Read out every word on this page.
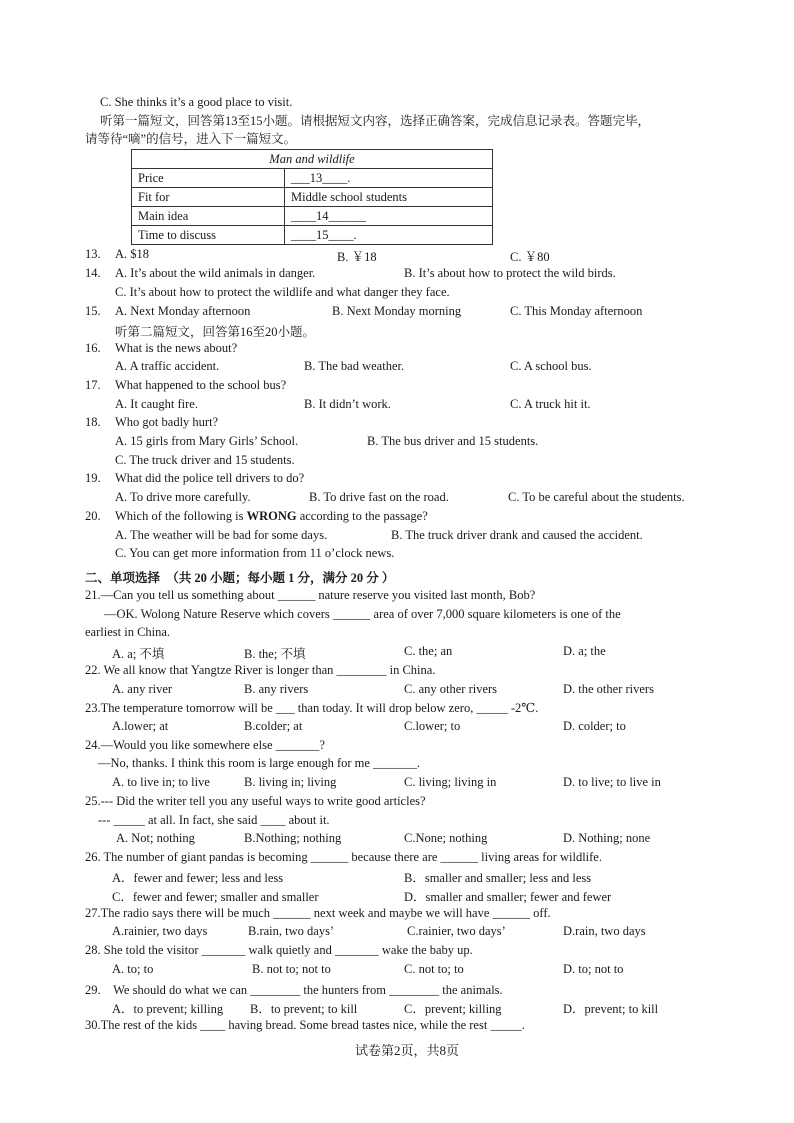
C. She thinks it’s a good place to visit.
听第一篇短文，回答第13至15小题。请根据短文内容，选择正确答案，完成信息记录表。答题完毕，
请等待“嘀”的信号，进入下一篇短文。
Man and wildlife	
Price	___13____.
Fit for	Middle school students
Main idea	____14______
Time to discuss	____15____.
13. A. $18	B. ￥18	C. ￥80
14. A. It’s about the wild animals in danger.	B. It’s about how to protect the wild birds.
C. It’s about how to protect the wildlife and what danger they face.
15. A. Next Monday afternoon	B. Next Monday morning	C. This Monday afternoon
听第二篇短文，回答第16至20小题。
16. What is the news about?
A. A traffic accident.	B. The bad weather.	C. A school bus.
17. What happened to the school bus?
A. It caught fire.	B. It didn’t work.	C. A truck hit it.
18. Who got badly hurt?
A. 15 girls from Mary Girls’ School.	B. The bus driver and 15 students.
C. The truck driver and 15 students.
19. What did the police tell drivers to do?
A. To drive more carefully.	B. To drive fast on the road.	C. To be careful about the students.
20. Which of the following is WRONG according to the passage?
A. The weather will be bad for some days.	B. The truck driver drank and caused the accident.
C. You can get more information from 11 o’clock news.
二、单项选择　（共 20 小题；每小题 1 分，满分 20 分 ）
21.—Can you tell us something about ______ nature reserve you visited last month, Bob?
—OK. Wolong Nature Reserve which covers ______ area of over 7,000 square kilometers is one of the
earliest in China.
A. a; 不填	B. the; 不填	C. the; an	D. a; the
22. We all know that Yangtze River is longer than ________ in China.
A. any river	B. any rivers	C. any other rivers	D. the other rivers
23.The temperature tomorrow will be ___ than today. It will drop below zero, _____ -2℃.
A.lower; at	B.colder; at	C.lower; to	D. colder; to
24.—Would you like somewhere else _______?
—No, thanks. I think this room is large enough for me _______.
A. to live in; to live	B. living in; living	C. living; living in	D. to live; to live in
25.--- Did the writer tell you any useful ways to write good articles?
--- _____ at all. In fact, she said ____ about it.
A. Not; nothing	B.Nothing; nothing	C.None; nothing	D. Nothing; none
26. The number of giant pandas is becoming ______ because there are ______ living areas for wildlife.
A．fewer and fewer; less and less	B．smaller and smaller; less and less
C．fewer and fewer; smaller and smaller	D．smaller and smaller; fewer and fewer
27.The radio says there will be much ______ next week and maybe we will have ______ off.
A.rainier, two days	B.rain, two days’	C.rainier, two days’	D.rain, two days
28. She told the visitor _______ walk quietly and _______ wake the baby up.
A. to; to	B. not to; not to	C. not to; to	D. to; not to
29.　We should do what we can ________ the hunters from ________ the animals.
A．to prevent; killing B．to prevent; to kill	C．prevent; killing	D．prevent; to kill
30.The rest of the kids ____ having bread. Some bread tastes nice, while the rest _____.
试卷第2页，共8页
